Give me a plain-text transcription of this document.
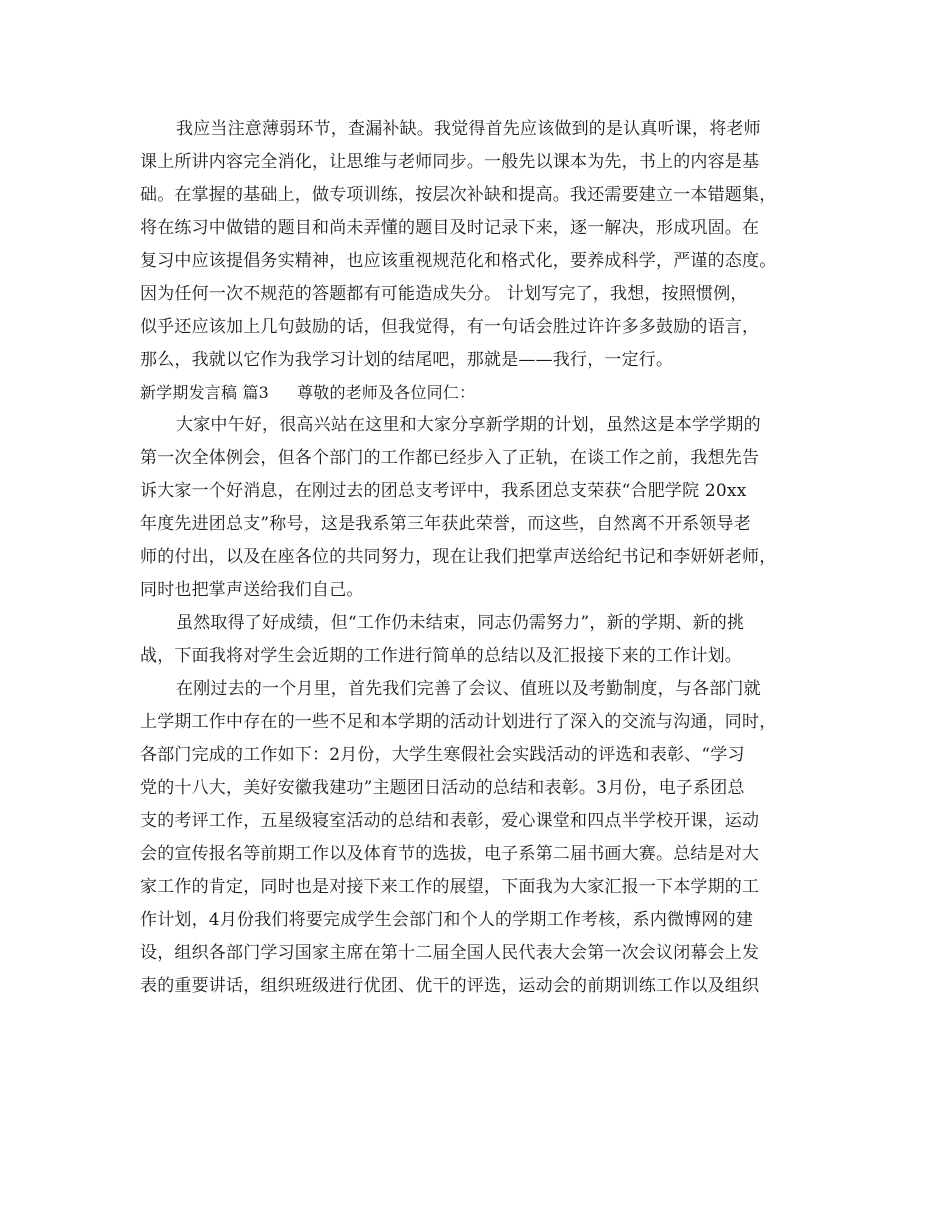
我应当注意薄弱环节，查漏补缺。我觉得首先应该做到的是认真听课，将老师
课上所讲内容完全消化，让思维与老师同步。一般先以课本为先，书上的内容是基
础。在掌握的基础上，做专项训练，按层次补缺和提高。我还需要建立一本错题集，
将在练习中做错的题目和尚未弄懂的题目及时记录下来，逐一解决，形成巩固。在
复习中应该提倡务实精神，也应该重视规范化和格式化，要养成科学，严谨的态度。
因为任何一次不规范的答题都有可能造成失分。 计划写完了，我想，按照惯例，
似乎还应该加上几句鼓励的话，但我觉得，有一句话会胜过许许多多鼓励的语言，
那么，我就以它作为我学习计划的结尾吧，那就是——我行，一定行。
新学期发言稿 篇3 尊敬的老师及各位同仁：
大家中午好，很高兴站在这里和大家分享新学期的计划，虽然这是本学学期的
第一次全体例会，但各个部门的工作都已经步入了正轨，在谈工作之前，我想先告
诉大家一个好消息，在刚过去的团总支考评中，我系团总支荣获“合肥学院 20xx
年度先进团总支”称号，这是我系第三年获此荣誉，而这些，自然离不开系领导老
师的付出，以及在座各位的共同努力，现在让我们把掌声送给纪书记和李妍妍老师，
同时也把掌声送给我们自己。
虽然取得了好成绩，但“工作仍未结束，同志仍需努力”，新的学期、新的挑
战，下面我将对学生会近期的工作进行简单的总结以及汇报接下来的工作计划。
在刚过去的一个月里，首先我们完善了会议、值班以及考勤制度，与各部门就
上学期工作中存在的一些不足和本学期的活动计划进行了深入的交流与沟通，同时，
各部门完成的工作如下：2月份，大学生寒假社会实践活动的评选和表彰、“学习
党的十八大，美好安徽我建功”主题团日活动的总结和表彰。3月份，电子系团总
支的考评工作，五星级寝室活动的总结和表彰，爱心课堂和四点半学校开课，运动
会的宣传报名等前期工作以及体育节的选拔，电子系第二届书画大赛。总结是对大
家工作的肯定，同时也是对接下来工作的展望，下面我为大家汇报一下本学期的工
作计划，4月份我们将要完成学生会部门和个人的学期工作考核，系内微博网的建
设，组织各部门学习国家主席在第十二届全国人民代表大会第一次会议闭幕会上发
表的重要讲话，组织班级进行优团、优干的评选，运动会的前期训练工作以及组织
